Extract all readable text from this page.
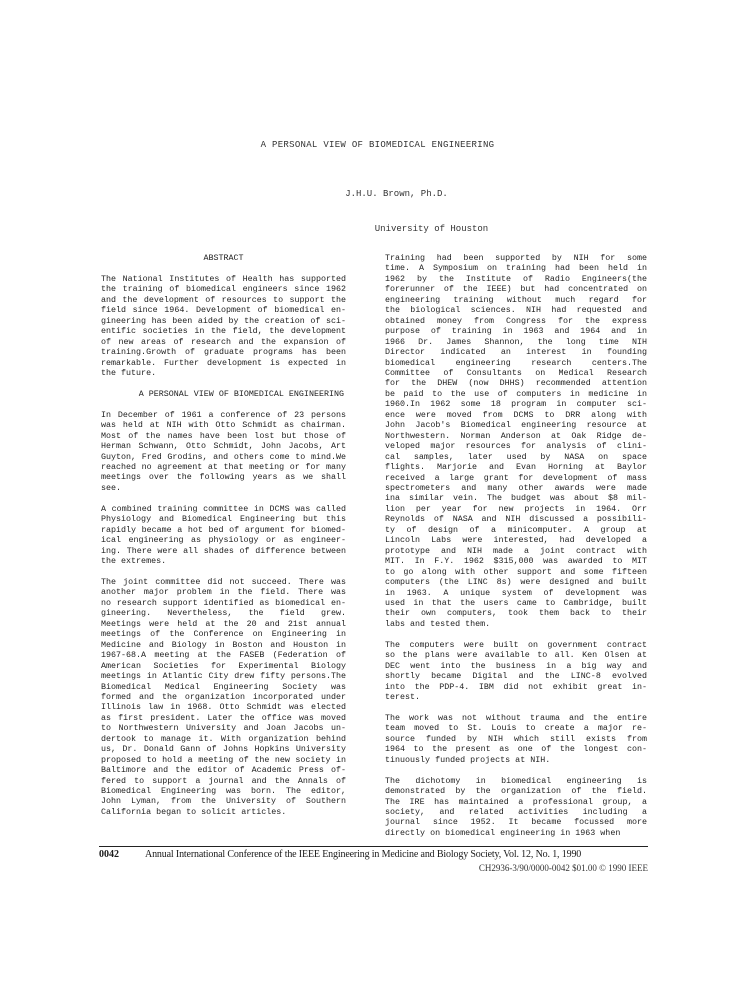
A PERSONAL VIEW OF BIOMEDICAL ENGINEERING
J.H.U. Brown, Ph.D.
University of Houston
ABSTRACT

The National Institutes of Health has supported
the training of biomedical engineers since 1962
and the development of resources to support the
field since 1964. Development of biomedical en-
gineering has been aided by the creation of sci-
entific societies in the field, the development
of new areas of research and the expansion of
training.Growth of graduate programs has been
remarkable. Further development is expected in
the future.

A PERSONAL VIEW OF BIOMEDICAL ENGINEERING

In December of 1961 a conference of 23 persons
was held at NIH with Otto Schmidt as chairman.
Most of the names have been lost but those of
Herman Schwann, Otto Schmidt, John Jacobs, Art
Guyton, Fred Grodins, and others come to mind.We
reached no agreement at that meeting or for many
meetings over the following years as we shall
see.

A combined training committee in DCMS was called
Physiology and Biomedical Engineering but this
rapidly became a hot bed of argument for biomed-
ical engineering as physiology or as engineer-
ing. There were all shades of difference between
the extremes.

The joint committee did not succeed. There was
another major problem in the field. There was
no research support identified as biomedical en-
gineering. Nevertheless, the field grew.
Meetings were held at the 20 and 21st annual
meetings of the Conference on Engineering in
Medicine and Biology in Boston and Houston in
1967-68.A meeting at the FASEB (Federation of
American Societies for Experimental Biology
meetings in Atlantic City drew fifty persons.The
Biomedical Medical Engineering Society was
formed and the organization incorporated under
Illinois law in 1968. Otto Schmidt was elected
as first president. Later the office was moved
to Northwestern University and Joan Jacobs un-
dertook to manage it. With organization behind
us, Dr. Donald Gann of Johns Hopkins University
proposed to hold a meeting of the new society in
Baltimore and the editor of Academic Press of-
fered to support a journal and the Annals of
Biomedical Engineering was born. The editor,
John Lyman, from the University of Southern
California began to solicit articles.

Training had been supported by NIH for some
time. A Symposium on training had been held in
1962 by the Institute of Radio Engineers(the
forerunner of the IEEE) but had concentrated on
engineering training without much regard for
the biological sciences. NIH had requested and
obtained money from Congress for the express
purpose of training in 1963 and 1964 and in
1966 Dr. James Shannon, the long time NIH
Director indicated an interest in founding
biomedical engineering research centers.The
Committee of Consultants on Medical Research
for the DHEW (now DHHS) recommended attention
be paid to the use of computers in medicine in
1960.In 1962 some 18 program in computer sci-
ence were moved from DCMS to DRR along with
John Jacob's Biomedical engineering resource at
Northwestern. Norman Anderson at Oak Ridge de-
veloped major resources for analysis of clini-
cal samples, later used by NASA on space
flights. Marjorie and Evan Horning at Baylor
received a large grant for development of mass
spectrometers and many other awards were made
ina similar vein. The budget was about $8 mil-
lion per year for new projects in 1964. Orr
Reynolds of NASA and NIH discussed a possibili-
ty of design of a minicomputer. A group at
Lincoln Labs were interested, had developed a
prototype and NIH made a joint contract with
MIT. In F.Y. 1962 $315,000 was awarded to MIT
to go along with other support and some fifteen
computers (the LINC 8s) were designed and built
in 1963. A unique system of development was
used in that the users came to Cambridge, built
their own computers, took them back to their
labs and tested them.

The computers were built on government contract
so the plans were available to all. Ken Olsen at
DEC went into the business in a big way and
shortly became Digital and the LINC-8 evolved
into the PDP-4. IBM did not exhibit great in-
terest.

The work was not without trauma and the entire
team moved to St. Louis to create a major re-
source funded by NIH which still exists from
1964 to the present as one of the longest con-
tinuously funded projects at NIH.

The dichotomy in biomedical engineering is
demonstrated by the organization of the field.
The IRE has maintained a professional group, a
society, and related activities including a
journal since 1952. It became focussed more
directly on biomedical engineering in 1963 when

0042	Annual International Conference of the IEEE Engineering in Medicine and Biology Society, Vol. 12, No. 1, 1990
CH2936-3/90/0000-0042 $01.00 © 1990 IEEE
